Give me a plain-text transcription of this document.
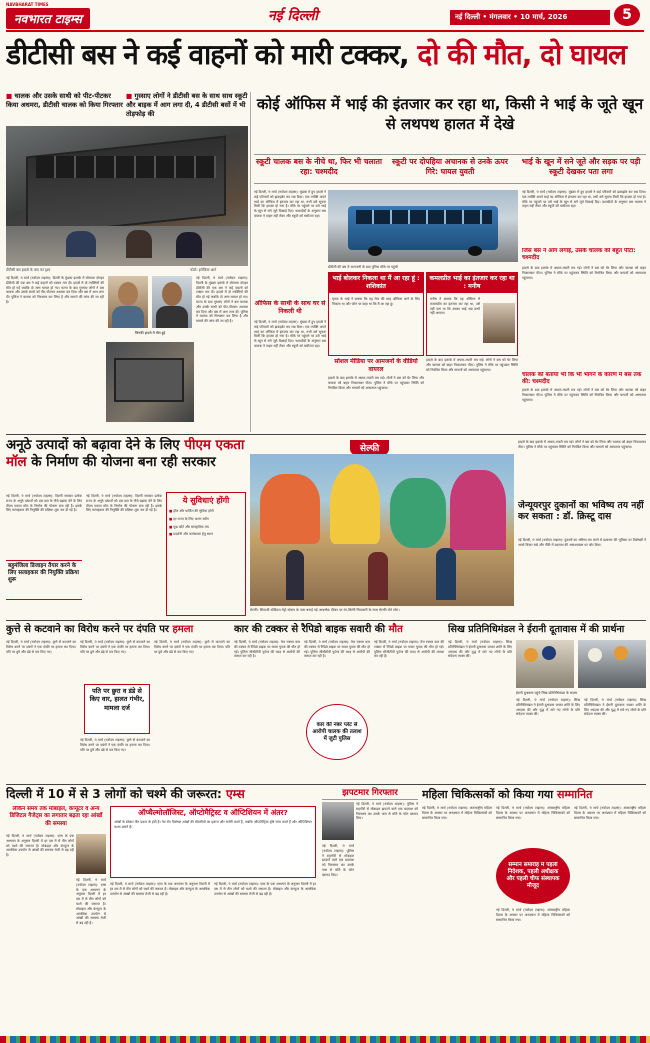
NAVBHARAT TIMES
नवभारत टाइम्स	नई दिल्ली	नई दिल्ली • मंगलवार • 10 मार्च, 2026	5
डीटीसी बस ने कई वाहनों को मारी टक्कर, दो की मौत, दो घायल
■ चालक और उसके साथी को पीट-पीटकर किया अधमरा, डीटीसी चालक को किया गिरफ्तार
■ गुस्साए लोगों ने डीटीसी बस के साथ साथ स्कूटी और बाइक में आग लगा दी, 4 डीटीसी बसों में भी तोड़फोड़ की
डीटीसी बस हादसे के बाद का दृश्य	फोटो: इमेजिस्ट आर्ट
जिनकी हादसे में मौत हुई
नई दिल्ली, 9 मार्च (नवोदय टाइम्स): दिल्ली के मुंडका इलाके में सोमवार दोपहर डीटीसी की एक बस ने कई वाहनों को टक्कर मार दी। हादसे में दो व्यक्तियों की मौत हो गई जबकि दो अन्य घायल हो गए। घटना के बाद गुस्साए लोगों ने बस चालक और उसके साथी को पीट-पीटकर अधमरा कर दिया और बस में आग लगा दी। पुलिस ने चालक को गिरफ्तार कर लिया है और मामले की जांच की जा रही है।
नई दिल्ली, 9 मार्च (नवोदय टाइम्स): दिल्ली के मुंडका इलाके में सोमवार दोपहर डीटीसी की एक बस ने कई वाहनों को टक्कर मार दी। हादसे में दो व्यक्तियों की मौत हो गई जबकि दो अन्य घायल हो गए। घटना के बाद गुस्साए लोगों ने बस चालक और उसके साथी को पीट-पीटकर अधमरा कर दिया और बस में आग लगा दी। पुलिस ने चालक को गिरफ्तार कर लिया है और मामले की जांच की जा रही है।
कोई ऑफिस में भाई की इंतजार कर रहा था, किसी ने भाई के जूते खून से लथपथ हालत में देखे
स्कूटी चालक बस के नीचे था, फिर भी चलाता रहा: चश्मदीद
स्कूटी पर दोपहिया अचानक से उनके ऊपर गिरे: घायल युवती
भाई के खून में सने जूते और सड़क पर पड़ी स्कूटी देखकर पता लगा
नई दिल्ली, 9 मार्च (नवोदय टाइम्स): मुंडका में हुए हादसे ने कई परिवारों को झकझोर कर रख दिया। एक व्यक्ति अपने भाई का ऑफिस में इंतजार कर रहा था, तभी उसे सूचना मिली कि हादसा हो गया है। मौके पर पहुंचने पर उसे भाई के खून से सने जूते दिखाई दिए। चश्मदीदों के अनुसार बस चालक ने वाहन नहीं रोका और स्कूटी को घसीटता रहा।
ऑफिस के साथी के साथ घर से निकली थी
नई दिल्ली, 9 मार्च (नवोदय टाइम्स): मुंडका में हुए हादसे ने कई परिवारों को झकझोर कर रख दिया। एक व्यक्ति अपने भाई का ऑफिस में इंतजार कर रहा था, तभी उसे सूचना मिली कि हादसा हो गया है। मौके पर पहुंचने पर उसे भाई के खून से सने जूते दिखाई दिए। चश्मदीदों के अनुसार बस चालक ने वाहन नहीं रोका और स्कूटी को घसीटता रहा।
डीटीसी की बस में आगजनी के बाद पुलिस मौके पर पहुंची
नई दिल्ली, 9 मार्च (नवोदय टाइम्स): मुंडका में हुए हादसे ने कई परिवारों को झकझोर कर रख दिया। एक व्यक्ति अपने भाई का ऑफिस में इंतजार कर रहा था, तभी उसे सूचना मिली कि हादसा हो गया है। मौके पर पहुंचने पर उसे भाई के खून से सने जूते दिखाई दिए। चश्मदीदों के अनुसार बस चालक ने वाहन नहीं रोका और स्कूटी को घसीटता रहा।
जिस बस ने आग लगाई, उसके चालक को बहुत पीटा: चश्मदीद
हादसे के बाद इलाके में अफरा-तफरी मच गई। लोगों ने बस को घेर लिया और चालक को बाहर निकालकर पीटा। पुलिस ने मौके पर पहुंचकर स्थिति को नियंत्रित किया और घायलों को अस्पताल पहुंचाया।
चालक को बताया भी कि भी भागने के कारण में बस तक की: चश्मदीद
हादसे के बाद इलाके में अफरा-तफरी मच गई। लोगों ने बस को घेर लिया और चालक को बाहर निकालकर पीटा। पुलिस ने मौके पर पहुंचकर स्थिति को नियंत्रित किया और घायलों को अस्पताल पहुंचाया।
भाई बोलकर निकला था मैं आ रहा हूं : शशिकांत
मृतक के भाई ने बताया कि वह रोज की तरह ऑफिस जाने के लिए निकला था और फोन पर कहा था कि मैं आ रहा हूं।
कमलप्रीत भाई का इंतजार कर रहा था : मनीष
मनीष ने बताया कि वह ऑफिस में कमलप्रीत का इंतजार कर रहा था, उसे नहीं पता था कि उसका भाई अब कभी नहीं आएगा।
सोशल मीडिया पर आमजनों के वीडियो वायरल
हादसे के बाद इलाके में अफरा-तफरी मच गई। लोगों ने बस को घेर लिया और चालक को बाहर निकालकर पीटा। पुलिस ने मौके पर पहुंचकर स्थिति को नियंत्रित किया और घायलों को अस्पताल पहुंचाया।
हादसे के बाद इलाके में अफरा-तफरी मच गई। लोगों ने बस को घेर लिया और चालक को बाहर निकालकर पीटा। पुलिस ने मौके पर पहुंचकर स्थिति को नियंत्रित किया और घायलों को अस्पताल पहुंचाया।
अनूठे उत्पादों को बढ़ावा देने के लिए पीएम एकता मॉल के निर्माण की योजना बना रही सरकार
नई दिल्ली, 9 मार्च (नवोदय टाइम्स): दिल्ली सरकार प्रत्येक राज्य के अनूठे उत्पादों को एक छत के नीचे बढ़ावा देने के लिए पीएम एकता मॉल के निर्माण की योजना बना रही है। इसके लिए सलाहकार की नियुक्ति की प्रक्रिया शुरू कर दी गई है।
बहुमंजिला डिजाइन तैयार करने के लिए सलाहकार की नियुक्ति प्रक्रिया शुरू
नई दिल्ली, 9 मार्च (नवोदय टाइम्स): दिल्ली सरकार प्रत्येक राज्य के अनूठे उत्पादों को एक छत के नीचे बढ़ावा देने के लिए पीएम एकता मॉल के निर्माण की योजना बना रही है। इसके लिए सलाहकार की नियुक्ति की प्रक्रिया शुरू कर दी गई है।
ये सुविधाएं होंगी
■ हॉल और पार्किंग की सुविधा होगी
■ हर राज्य के लिए अलग स्टॉल
■ फूड कोर्ट और सांस्कृतिक मंच
■ प्रदर्शनी और कार्यशाला हेतु स्थान
सेल्फी
सेल्फी: शिवाजी स्टेडियम मेट्रो स्टेशन के पास बनाई गई आकर्षक दीवार पर रंग-बिरंगी चित्रकारी के साथ सेल्फी लेते लोग।
हादसे के बाद इलाके में अफरा-तफरी मच गई। लोगों ने बस को घेर लिया और चालक को बाहर निकालकर पीटा। पुलिस ने मौके पर पहुंचकर स्थिति को नियंत्रित किया और घायलों को अस्पताल पहुंचाया।
जेन्यूयरपुर दुकानों का भविष्य तय नहीं कर सकता : डॉ. क्रिस्टू दास
नई दिल्ली, 9 मार्च (नवोदय टाइम्स): दुकानों का भविष्य तय करने में प्रशासन की भूमिका पर विशेषज्ञों ने अपने विचार रखे और नीति में बदलाव की आवश्यकता पर जोर दिया।
कुत्ते से कटवाने का विरोध करने पर दंपति पर हमला
नई दिल्ली, 9 मार्च (नवोदय टाइम्स): कुत्ते से कटवाने का विरोध करने पर दबंगों ने एक दंपति पर हमला कर दिया। पति पर छुरे और डंडे से वार किए गए।
नई दिल्ली, 9 मार्च (नवोदय टाइम्स): कुत्ते से कटवाने का विरोध करने पर दबंगों ने एक दंपति पर हमला कर दिया। पति पर छुरे और डंडे से वार किए गए।
पति पर छुरा व डंडे से किए वार, हालत गंभीर, मामला दर्ज
नई दिल्ली, 9 मार्च (नवोदय टाइम्स): कुत्ते से कटवाने का विरोध करने पर दबंगों ने एक दंपति पर हमला कर दिया। पति पर छुरे और डंडे से वार किए गए।
नई दिल्ली, 9 मार्च (नवोदय टाइम्स): कुत्ते से कटवाने का विरोध करने पर दबंगों ने एक दंपति पर हमला कर दिया। पति पर छुरे और डंडे से वार किए गए।
कार की टक्कर से रैपिडो बाइक सवारी की मौत
नई दिल्ली, 9 मार्च (नवोदय टाइम्स): तेज रफ्तार कार की टक्कर से रैपिडो बाइक पर सवार युवक की मौत हो गई। पुलिस सीसीटीवी फुटेज की मदद से आरोपी की तलाश कर रही है।
नई दिल्ली, 9 मार्च (नवोदय टाइम्स): तेज रफ्तार कार की टक्कर से रैपिडो बाइक पर सवार युवक की मौत हो गई। पुलिस सीसीटीवी फुटेज की मदद से आरोपी की तलाश कर रही है।
कार की नंबर प्लेट से आरोपी चालक की तलाश में जुटी पुलिस
नई दिल्ली, 9 मार्च (नवोदय टाइम्स): तेज रफ्तार कार की टक्कर से रैपिडो बाइक पर सवार युवक की मौत हो गई। पुलिस सीसीटीवी फुटेज की मदद से आरोपी की तलाश कर रही है।
सिख प्रतिनिधिमंडल ने ईरानी दूतावास में की प्रार्थना
नई दिल्ली, 9 मार्च (नवोदय टाइम्स): सिख प्रतिनिधिमंडल ने ईरानी दूतावास जाकर शांति के लिए अरदास की और युद्ध में मारे गए लोगों के प्रति संवेदना व्यक्त की।
ईरानी दूतावास पहुंचे सिख प्रतिनिधिमंडल के सदस्य
नई दिल्ली, 9 मार्च (नवोदय टाइम्स): सिख प्रतिनिधिमंडल ने ईरानी दूतावास जाकर शांति के लिए अरदास की और युद्ध में मारे गए लोगों के प्रति संवेदना व्यक्त की।
नई दिल्ली, 9 मार्च (नवोदय टाइम्स): सिख प्रतिनिधिमंडल ने ईरानी दूतावास जाकर शांति के लिए अरदास की और युद्ध में मारे गए लोगों के प्रति संवेदना व्यक्त की।
दिल्ली में 10 में से 3 लोगों को चश्मे की जरूरत: एम्स
लेकिन समय तक मोबाइल, कंप्यूटर व अन्य डिजिटल गैजेट्स का लगातार बढ़ता रहा आंखों की समस्या
नई दिल्ली, 9 मार्च (नवोदय टाइम्स): एम्स के एक अध्ययन के अनुसार दिल्ली में हर दस में से तीन लोगों को चश्मे की जरूरत है। मोबाइल और कंप्यूटर के अत्यधिक उपयोग से आंखों की समस्या तेजी से बढ़ रही है।
नई दिल्ली, 9 मार्च (नवोदय टाइम्स): एम्स के एक अध्ययन के अनुसार दिल्ली में हर दस में से तीन लोगों को चश्मे की जरूरत है। मोबाइल और कंप्यूटर के अत्यधिक उपयोग से आंखों की समस्या तेजी से बढ़ रही है।
ऑप्थैल्मोलॉजिस्ट, ऑप्टोमैट्रिस्ट व ऑप्टिशियन में अंतर?
आंखों के डॉक्टर तीन प्रकार के होते हैं। नेत्र रोग विशेषज्ञ आंखों की बीमारियों का इलाज और सर्जरी करते हैं, जबकि ऑप्टोमैट्रिस्ट दृष्टि जांच करते हैं और ऑप्टिशियन चश्मा बनाते हैं।
नई दिल्ली, 9 मार्च (नवोदय टाइम्स): एम्स के एक अध्ययन के अनुसार दिल्ली में हर दस में से तीन लोगों को चश्मे की जरूरत है। मोबाइल और कंप्यूटर के अत्यधिक उपयोग से आंखों की समस्या तेजी से बढ़ रही है।
नई दिल्ली, 9 मार्च (नवोदय टाइम्स): एम्स के एक अध्ययन के अनुसार दिल्ली में हर दस में से तीन लोगों को चश्मे की जरूरत है। मोबाइल और कंप्यूटर के अत्यधिक उपयोग से आंखों की समस्या तेजी से बढ़ रही है।
झपटमार गिरफ्तार
नई दिल्ली, 9 मार्च (नवोदय टाइम्स): पुलिस ने राहगीरों से मोबाइल झपटने वाले एक बदमाश को गिरफ्तार कर उसके पास से चोरी के फोन बरामद किए।
नई दिल्ली, 9 मार्च (नवोदय टाइम्स): पुलिस ने राहगीरों से मोबाइल झपटने वाले एक बदमाश को गिरफ्तार कर उसके पास से चोरी के फोन बरामद किए।
महिला चिकित्सकों को किया गया सम्मानित
नई दिल्ली, 9 मार्च (नवोदय टाइम्स): अंतरराष्ट्रीय महिला दिवस के अवसर पर अस्पताल में महिला चिकित्सकों को सम्मानित किया गया।
नई दिल्ली, 9 मार्च (नवोदय टाइम्स): अंतरराष्ट्रीय महिला दिवस के अवसर पर अस्पताल में महिला चिकित्सकों को सम्मानित किया गया।
सम्मान समारोह में पहली निदेशक, पहली अधीक्षक और पहली चीफ संस्थापक मौजूद
नई दिल्ली, 9 मार्च (नवोदय टाइम्स): अंतरराष्ट्रीय महिला दिवस के अवसर पर अस्पताल में महिला चिकित्सकों को सम्मानित किया गया।
नई दिल्ली, 9 मार्च (नवोदय टाइम्स): अंतरराष्ट्रीय महिला दिवस के अवसर पर अस्पताल में महिला चिकित्सकों को सम्मानित किया गया।
